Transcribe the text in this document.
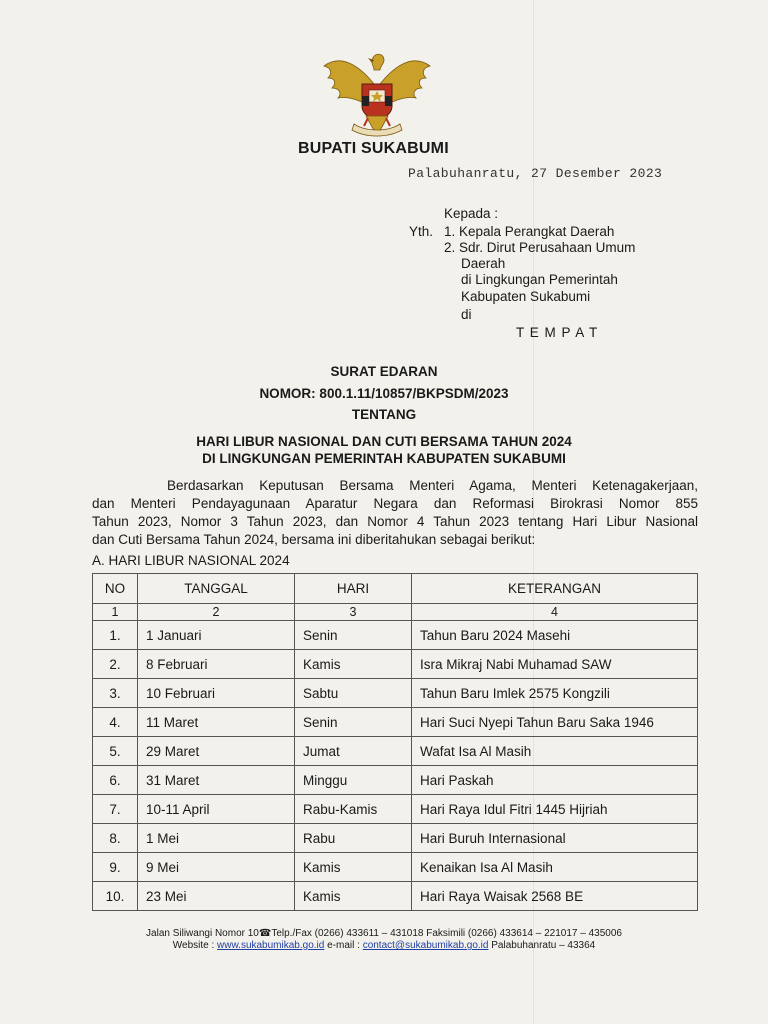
BUPATI SUKABUMI
Palabuhanratu, 27 Desember 2023
Kepada :
Yth. 1. Kepala Perangkat Daerah
2. Sdr. Dirut Perusahaan Umum
Daerah
di Lingkungan Pemerintah
Kabupaten Sukabumi
di
T E M P A T
SURAT EDARAN
NOMOR: 800.1.11/10857/BKPSDM/2023
TENTANG
HARI LIBUR NASIONAL DAN CUTI BERSAMA TAHUN 2024
DI LINGKUNGAN PEMERINTAH KABUPATEN SUKABUMI
Berdasarkan Keputusan Bersama Menteri Agama, Menteri Ketenagakerjaan,
dan Menteri Pendayagunaan Aparatur Negara dan Reformasi Birokrasi Nomor 855
Tahun 2023, Nomor 3 Tahun 2023, dan Nomor 4 Tahun 2023 tentang Hari Libur Nasional
dan Cuti Bersama Tahun 2024, bersama ini diberitahukan sebagai berikut:
A. HARI LIBUR NASIONAL 2024
NO	TANGGAL	HARI	KETERANGAN
1	2	3	4
1.	1 Januari	Senin	Tahun Baru 2024 Masehi
2.	8 Februari	Kamis	Isra Mikraj Nabi Muhamad SAW
3.	10 Februari	Sabtu	Tahun Baru Imlek 2575 Kongzili
4.	11 Maret	Senin	Hari Suci Nyepi Tahun Baru Saka 1946
5.	29 Maret	Jumat	Wafat Isa Al Masih
6.	31 Maret	Minggu	Hari Paskah
7.	10-11 April	Rabu-Kamis	Hari Raya Idul Fitri 1445 Hijriah
8.	1 Mei	Rabu	Hari Buruh Internasional
9.	9 Mei	Kamis	Kenaikan Isa Al Masih
10.	23 Mei	Kamis	Hari Raya Waisak 2568 BE
Jalan Siliwangi Nomor 10☎Telp./Fax (0266) 433611 – 431018 Faksimili (0266) 433614 – 221017 – 435006
Website : www.sukabumikab.go.id e-mail : contact@sukabumikab.go.id Palabuhanratu – 43364
